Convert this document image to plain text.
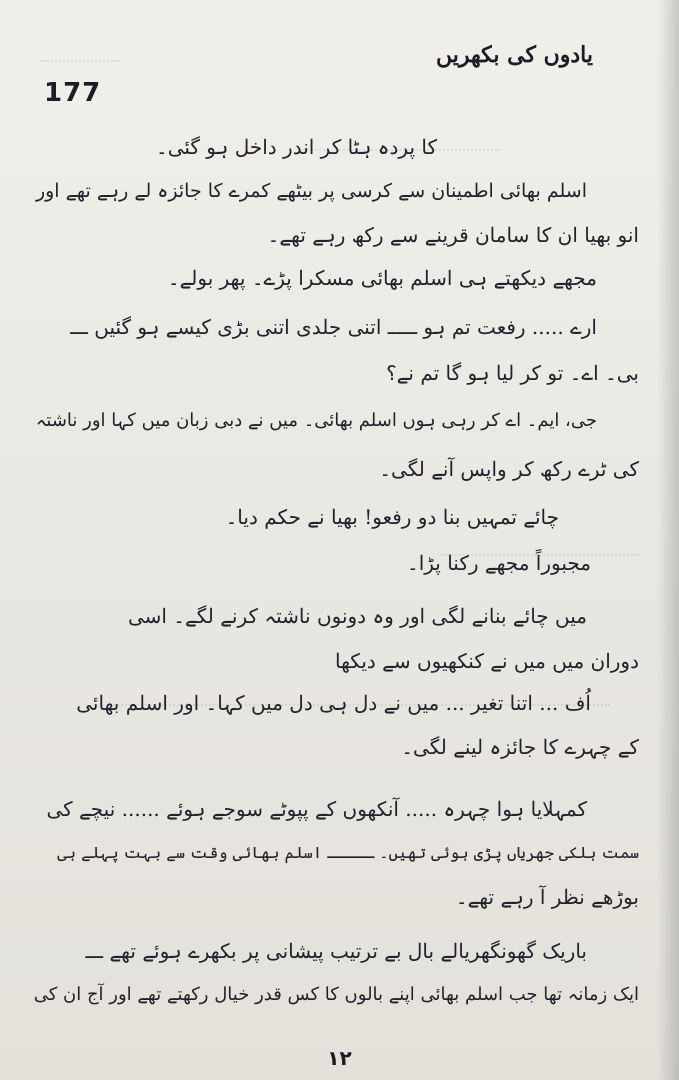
177
یادوں کی بکھریں
کا پردہ ہٹا کر اندر داخل ہو گئی۔
اسلم بھائی اطمینان سے کرسی پر بیٹھے کمرے کا جائزہ لے رہے تھے اور
انو بھیا ان کا سامان قرینے سے رکھ رہے تھے۔
مجھے دیکھتے ہی اسلم بھائی مسکرا پڑے۔ پھر بولے۔
ارے ..... رفعت تم ہو ـــــ اتنی جلدی اتنی بڑی کیسے ہو گئیں ـــ
بی۔ اے۔ تو کر لیا ہو گا تم نے؟
جی، ایم۔ اے کر رہی ہوں اسلم بھائی۔ میں نے دبی زبان میں کہا اور ناشتہ
کی ٹرے رکھ کر واپس آنے لگی۔
چائے تمہیں بنا دو رفعو! بھیا نے حکم دیا۔
مجبوراً مجھے رکنا پڑا۔
میں چائے بنانے لگی اور وہ دونوں ناشتہ کرنے لگے۔ اسی
دوران میں میں نے کنکھیوں سے دیکھا
اُف ... اتنا تغیر ... میں نے دل ہی دل میں کہا۔ اور اسلم بھائی
کے چہرے کا جائزہ لینے لگی۔
کمہلایا ہوا چہرہ ..... آنکھوں کے پپوٹے سوجے ہوئے ...... نیچے کی
سمت ہلکی جھریاں پڑی ہوئی تھیں۔ ـــــ اسلم بھائی وقت سے بہت پہلے ہی
بوڑھے نظر آ رہے تھے۔
باریک گھونگھریالے بال بے ترتیب پیشانی پر بکھرے ہوئے تھے ـــ
ایک زمانہ تھا جب اسلم بھائی اپنے بالوں کا کس قدر خیال رکھتے تھے اور آج ان کی
۱۲
